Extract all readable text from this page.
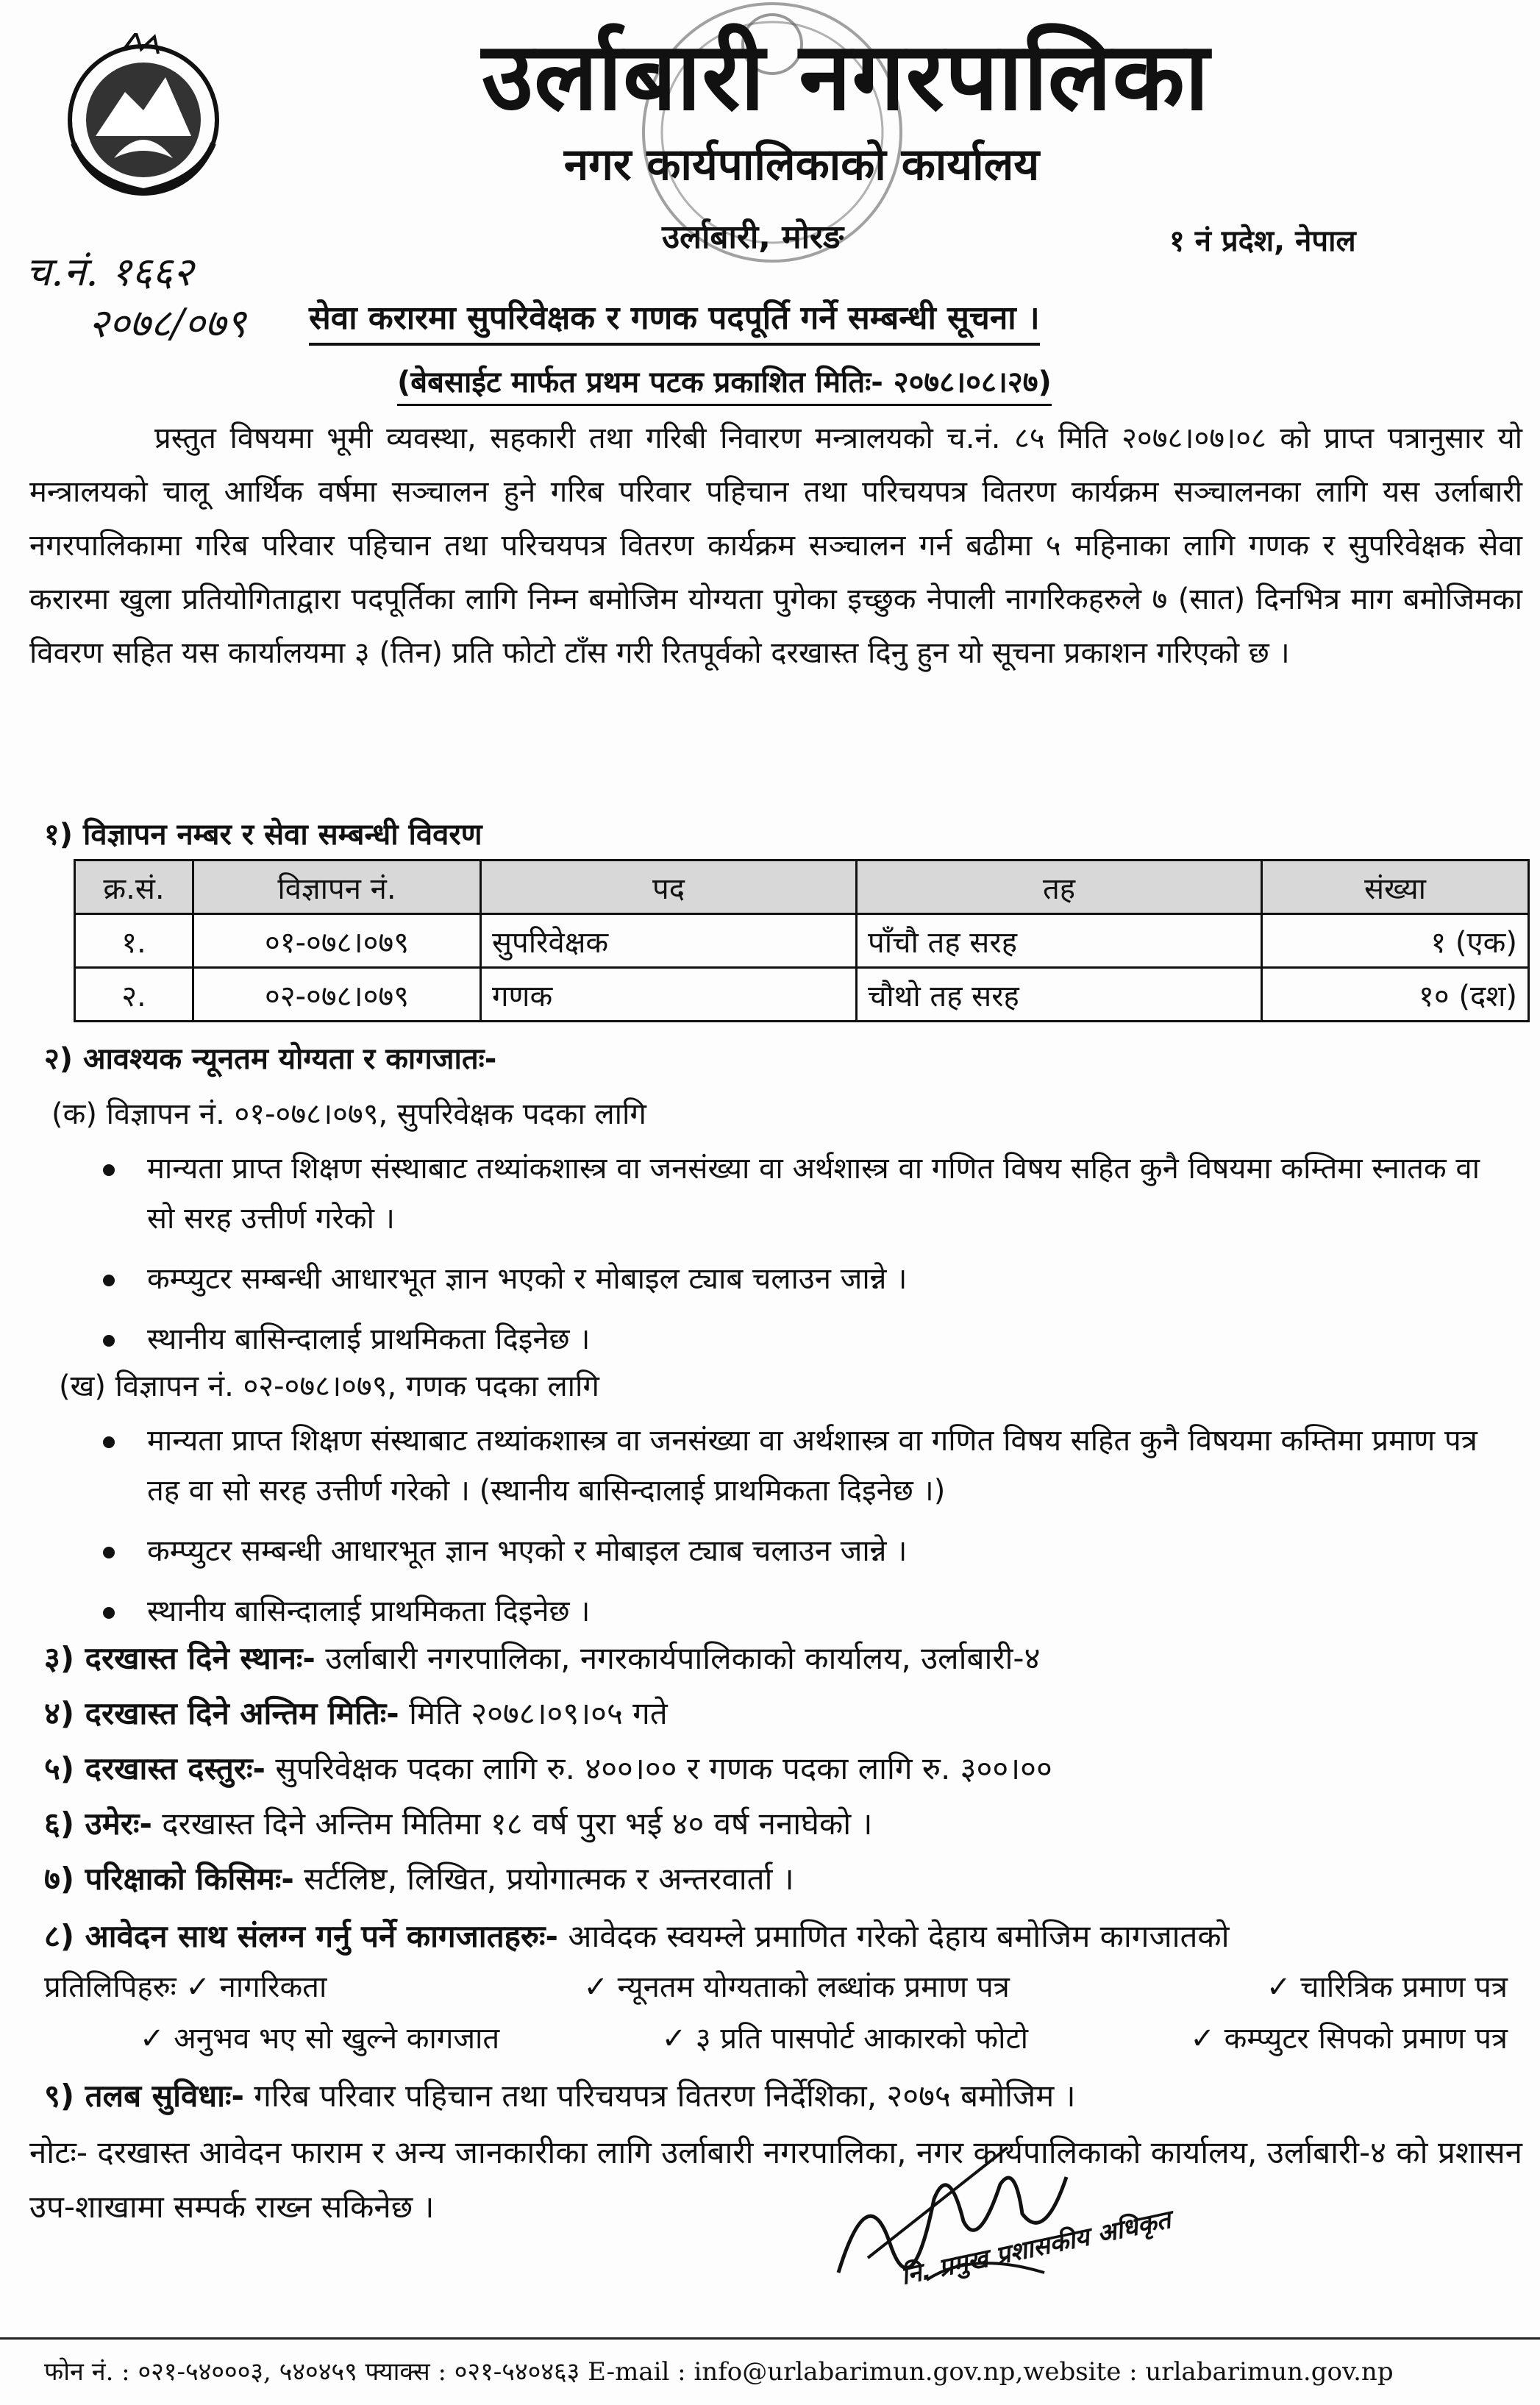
उर्लाबारी नगरपालिका
नगर कार्यपालिकाको कार्यालय
उर्लाबारी, मोरङ	१ नं प्रदेश, नेपाल
च.नं. १६६२
२०७८/०७९ सेवा करारमा सुपरिवेक्षक र गणक पदपूर्ति गर्ने सम्बन्धी सूचना ।
(बेबसाईट मार्फत प्रथम पटक प्रकाशित मितिः- २०७८।०८।२७)
प्रस्तुत विषयमा भूमी व्यवस्था, सहकारी तथा गरिबी निवारण मन्त्रालयको च.नं. ८५ मिति २०७८।०७।०८ को प्राप्त पत्रानुसार यो मन्त्रालयको चालू आर्थिक वर्षमा सञ्चालन हुने गरिब परिवार पहिचान तथा परिचयपत्र वितरण कार्यक्रम सञ्चालनका लागि यस उर्लाबारी नगरपालिकामा गरिब परिवार पहिचान तथा परिचयपत्र वितरण कार्यक्रम सञ्चालन गर्न बढीमा ५ महिनाका लागि गणक र सुपरिवेक्षक सेवा करारमा खुला प्रतियोगिताद्वारा पदपूर्तिका लागि निम्न बमोजिम योग्यता पुगेका इच्छुक नेपाली नागरिकहरुले ७ (सात) दिनभित्र माग बमोजिमका विवरण सहित यस कार्यालयमा ३ (तिन) प्रति फोटो टाँस गरी रितपूर्वको दरखास्त दिनु हुन यो सूचना प्रकाशन गरिएको छ ।
१) विज्ञापन नम्बर र सेवा सम्बन्धी विवरण
क्र.सं.	विज्ञापन नं.	पद	तह	संख्या
१.	०१-०७८।०७९	सुपरिवेक्षक	पाँचौ तह सरह	१ (एक)
२.	०२-०७८।०७९	गणक	चौथो तह सरह	१० (दश)
२) आवश्यक न्यूनतम योग्यता र कागजातः-
(क) विज्ञापन नं. ०१-०७८।०७९, सुपरिवेक्षक पदका लागि
मान्यता प्राप्त शिक्षण संस्थाबाट तथ्यांकशास्त्र वा जनसंख्या वा अर्थशास्त्र वा गणित विषय सहित कुनै विषयमा कम्तिमा स्नातक वा सो सरह उत्तीर्ण गरेको ।
कम्प्युटर सम्बन्धी आधारभूत ज्ञान भएको र मोबाइल ट्याब चलाउन जान्ने ।
स्थानीय बासिन्दालाई प्राथमिकता दिइनेछ ।
(ख) विज्ञापन नं. ०२-०७८।०७९, गणक पदका लागि
मान्यता प्राप्त शिक्षण संस्थाबाट तथ्यांकशास्त्र वा जनसंख्या वा अर्थशास्त्र वा गणित विषय सहित कुनै विषयमा कम्तिमा प्रमाण पत्र तह वा सो सरह उत्तीर्ण गरेको । (स्थानीय बासिन्दालाई प्राथमिकता दिइनेछ ।)
कम्प्युटर सम्बन्धी आधारभूत ज्ञान भएको र मोबाइल ट्याब चलाउन जान्ने ।
स्थानीय बासिन्दालाई प्राथमिकता दिइनेछ ।
३) दरखास्त दिने स्थानः- उर्लाबारी नगरपालिका, नगरकार्यपालिकाको कार्यालय, उर्लाबारी-४
४) दरखास्त दिने अन्तिम मितिः- मिति २०७८।०९।०५ गते
५) दरखास्त दस्तुरः- सुपरिवेक्षक पदका लागि रु. ४००।०० र गणक पदका लागि रु. ३००।००
६) उमेरः- दरखास्त दिने अन्तिम मितिमा १८ वर्ष पुरा भई ४० वर्ष ननाघेको ।
७) परिक्षाको किसिमः- सर्टलिष्ट, लिखित, प्रयोगात्मक र अन्तरवार्ता ।
८) आवेदन साथ संलग्न गर्नु पर्ने कागजातहरुः- आवेदक स्वयम्ले प्रमाणित गरेको देहाय बमोजिम कागजातको
प्रतिलिपिहरुः ✓ नागरिकता	✓ न्यूनतम योग्यताको लब्धांक प्रमाण पत्र	✓ चारित्रिक प्रमाण पत्र
✓ अनुभव भए सो खुल्ने कागजात	✓ ३ प्रति पासपोर्ट आकारको फोटो	✓ कम्प्युटर सिपको प्रमाण पत्र
९) तलब सुविधाः- गरिब परिवार पहिचान तथा परिचयपत्र वितरण निर्देशिका, २०७५ बमोजिम ।
नोटः- दरखास्त आवेदन फाराम र अन्य जानकारीका लागि उर्लाबारी नगरपालिका, नगर कार्यपालिकाको कार्यालय, उर्लाबारी-४ को प्रशासन उप-शाखामा सम्पर्क राख्न सकिनेछ ।	नि. प्रमुख प्रशासकीय अधिकृत
फोन नं. : ०२१-५४०००३, ५४०४५९ फ्याक्स : ०२१-५४०४६३ E-mail : info@urlabarimun.gov.np,website : urlabarimun.gov.np
